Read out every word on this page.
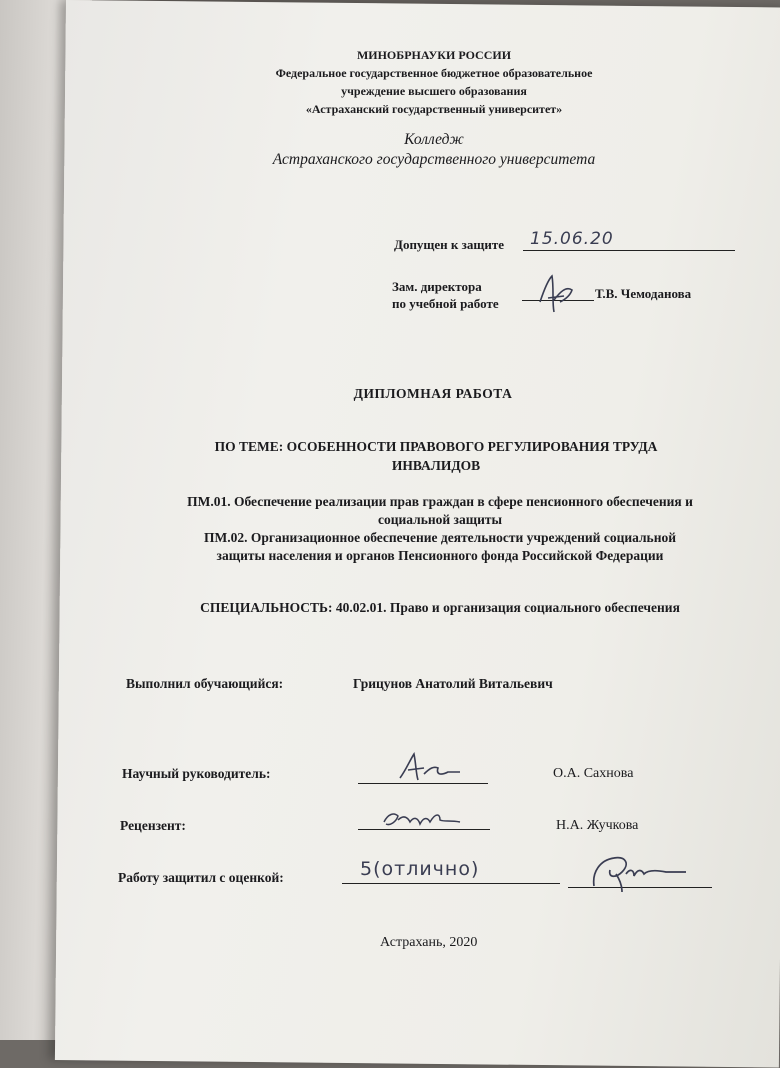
МИНОБРНАУКИ РОССИИ
Федеральное государственное бюджетное образовательное
учреждение высшего образования
«Астраханский государственный университет»
Колледж
Астраханского государственного университета
Допущен к защите 15.06.20
Зам. директора
по учебной работе
Т.В. Чемоданова
ДИПЛОМНАЯ РАБОТА
ПО ТЕМЕ: ОСОБЕННОСТИ ПРАВОВОГО РЕГУЛИРОВАНИЯ ТРУДА
ИНВАЛИДОВ
ПМ.01. Обеспечение реализации прав граждан в сфере пенсионного обеспечения и
социальной защиты
ПМ.02. Организационное обеспечение деятельности учреждений социальной
защиты населения и органов Пенсионного фонда Российской Федерации
СПЕЦИАЛЬНОСТЬ: 40.02.01. Право и организация социального обеспечения
Выполнил обучающийся:	Грицунов Анатолий Витальевич
Научный руководитель:	О.А. Сахнова
Рецензент:	Н.А. Жучкова
Работу защитил с оценкой:	5(отлично)
Астрахань, 2020
